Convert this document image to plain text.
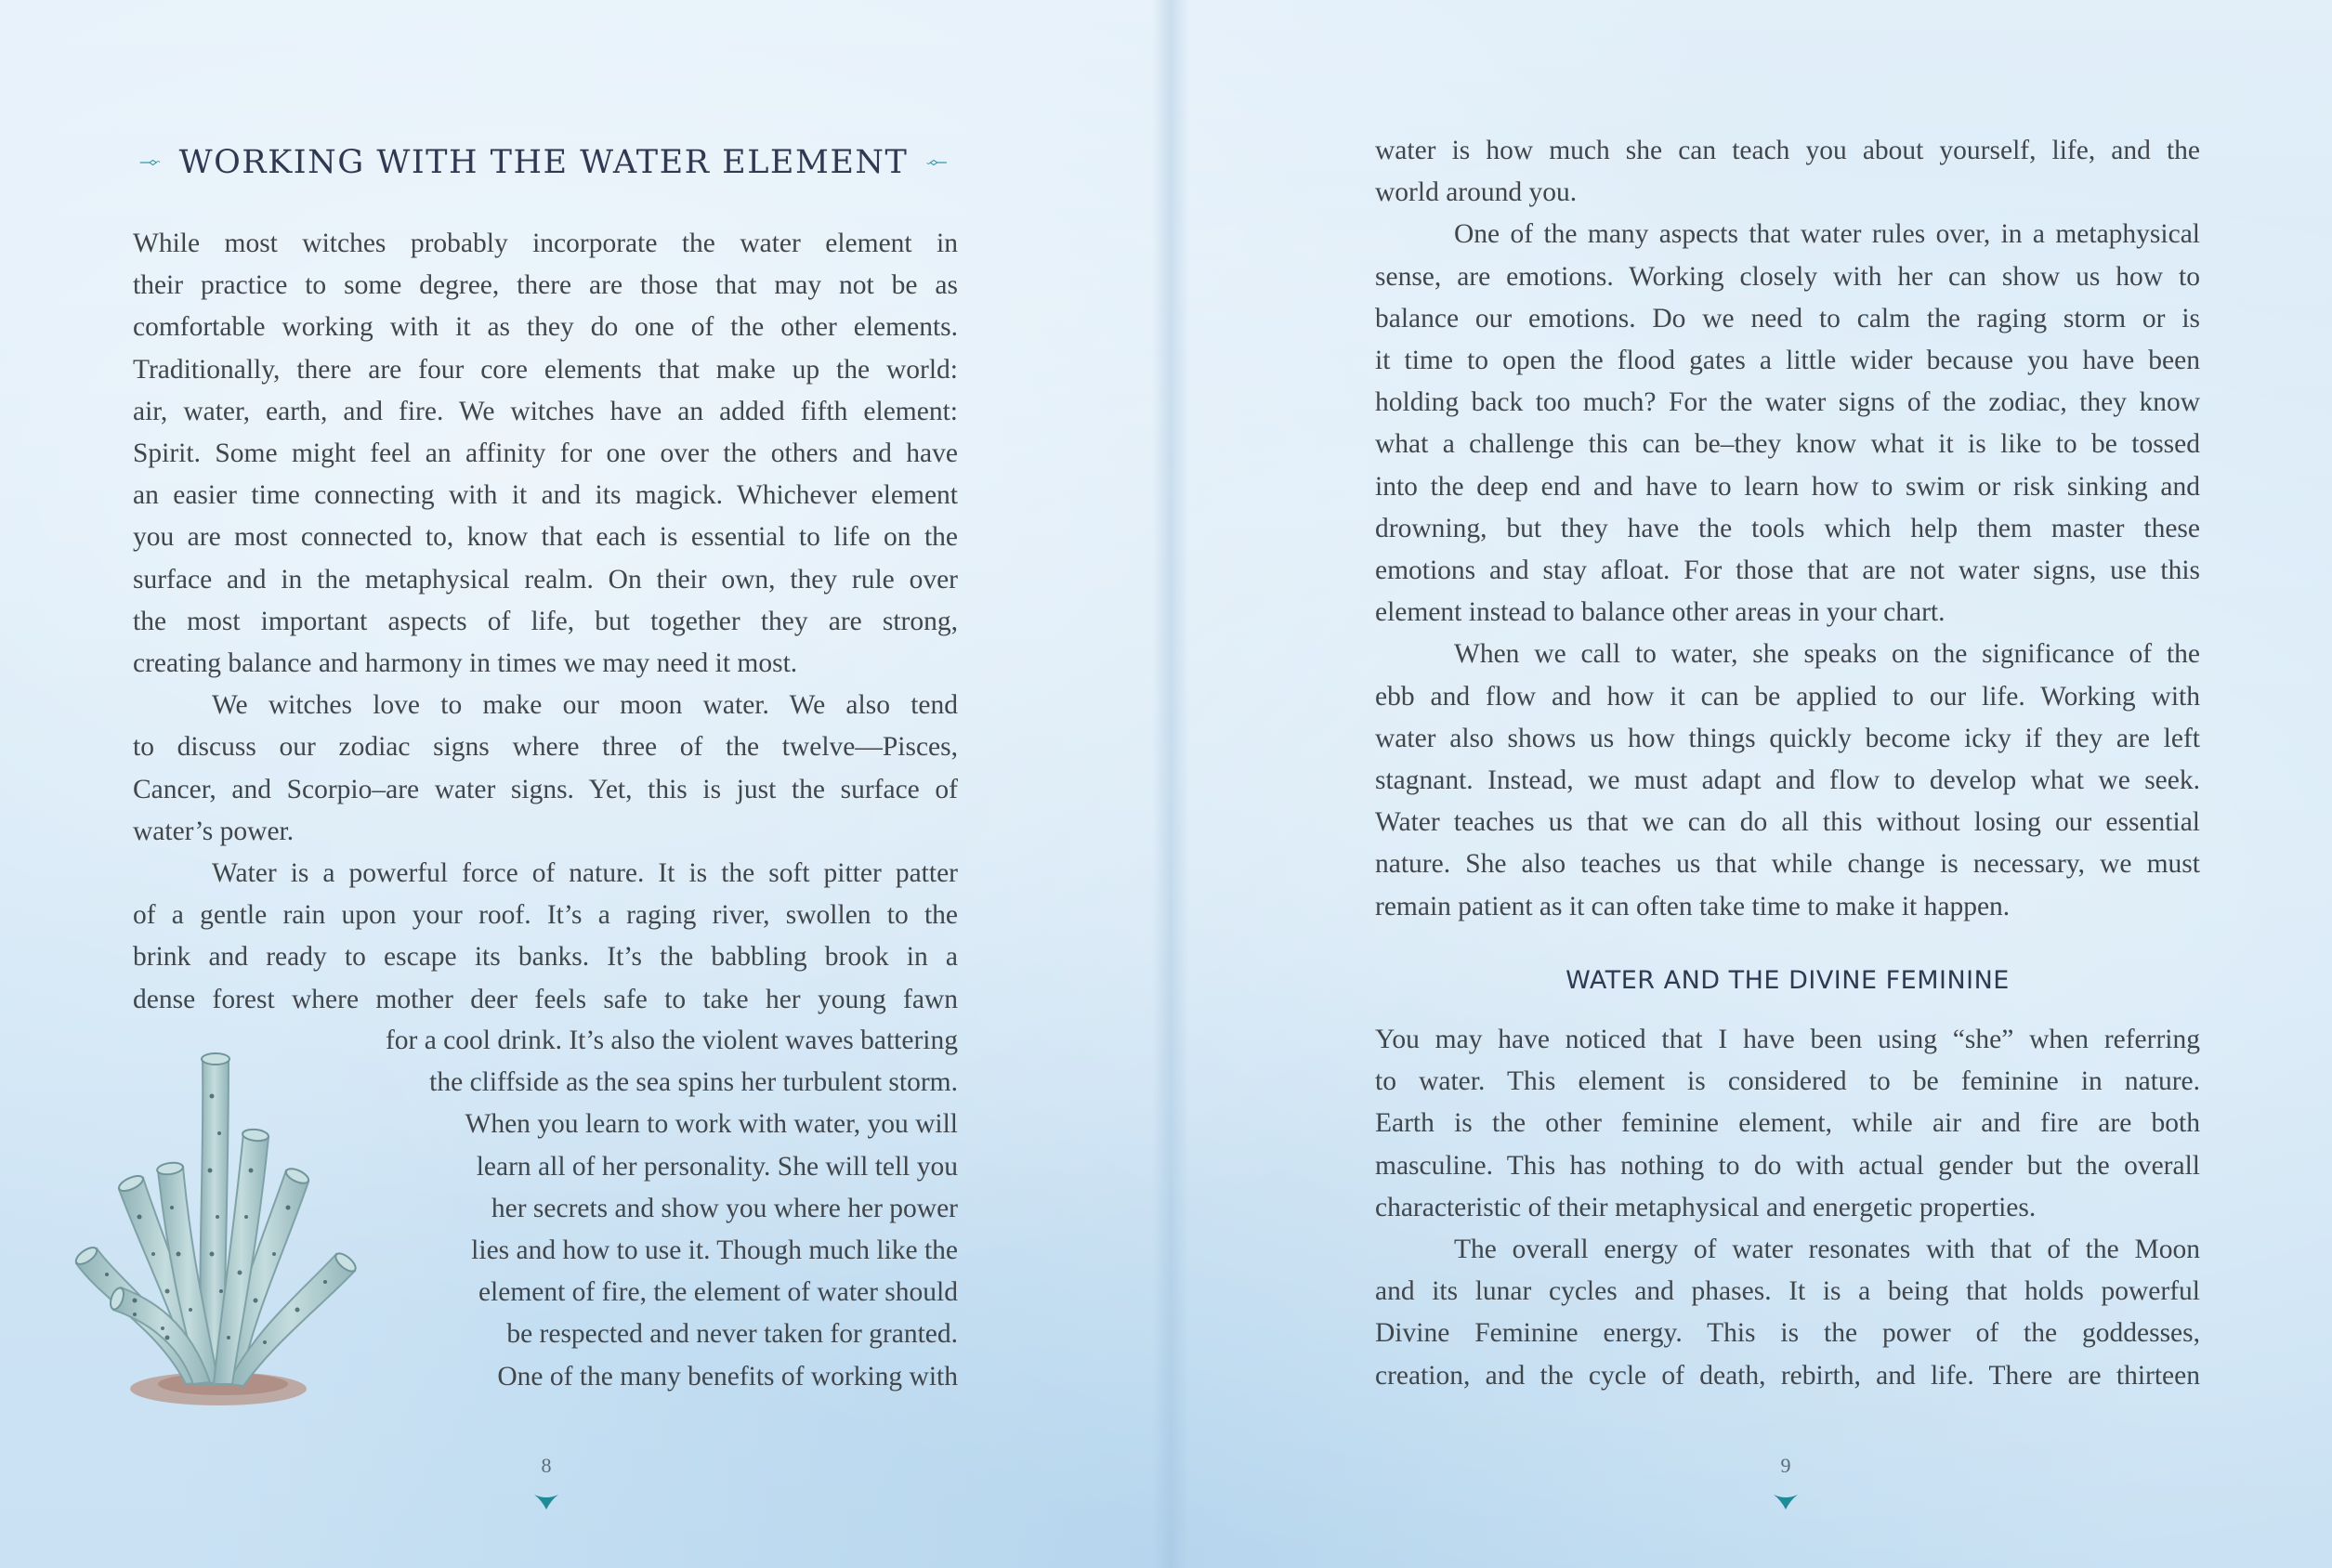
WORKING WITH THE WATER ELEMENT

While most witches probably incorporate the water element in

their practice to some degree, there are those that may not be as

comfortable working with it as they do one of the other elements.

Traditionally, there are four core elements that make up the world:

air, water, earth, and fire. We witches have an added fifth element:

Spirit. Some might feel an affinity for one over the others and have

an easier time connecting with it and its magick. Whichever element

you are most connected to, know that each is essential to life on the

surface and in the metaphysical realm. On their own, they rule over

the most important aspects of life, but together they are strong,

creating balance and harmony in times we may need it most.

We witches love to make our moon water. We also tend

to discuss our zodiac signs where three of the twelve—Pisces,

Cancer, and Scorpio–are water signs. Yet, this is just the surface of

water’s power.

Water is a powerful force of nature. It is the soft pitter patter

of a gentle rain upon your roof. It’s a raging river, swollen to the

brink and ready to escape its banks. It’s the babbling brook in a

dense forest where mother deer feels safe to take her young fawn

for a cool drink. It’s also the violent waves battering

the cliffside as the sea spins her turbulent storm.

When you learn to work with water, you will

learn all of her personality. She will tell you

her secrets and show you where her power

lies and how to use it. Though much like the

element of fire, the element of water should

be respected and never taken for granted.

One of the many benefits of working with

8

water is how much she can teach you about yourself, life, and the

world around you.

One of the many aspects that water rules over, in a metaphysical

sense, are emotions. Working closely with her can show us how to

balance our emotions. Do we need to calm the raging storm or is

it time to open the flood gates a little wider because you have been

holding back too much? For the water signs of the zodiac, they know

what a challenge this can be–they know what it is like to be tossed

into the deep end and have to learn how to swim or risk sinking and

drowning, but they have the tools which help them master these

emotions and stay afloat. For those that are not water signs, use this

element instead to balance other areas in your chart.

When we call to water, she speaks on the significance of the

ebb and flow and how it can be applied to our life. Working with

water also shows us how things quickly become icky if they are left

stagnant. Instead, we must adapt and flow to develop what we seek.

Water teaches us that we can do all this without losing our essential

nature. She also teaches us that while change is necessary, we must

remain patient as it can often take time to make it happen.

WATER AND THE DIVINE FEMININE

You may have noticed that I have been using “she” when referring

to water. This element is considered to be feminine in nature.

Earth is the other feminine element, while air and fire are both

masculine. This has nothing to do with actual gender but the overall

characteristic of their metaphysical and energetic properties.

The overall energy of water resonates with that of the Moon

and its lunar cycles and phases. It is a being that holds powerful

Divine Feminine energy. This is the power of the goddesses,

creation, and the cycle of death, rebirth, and life. There are thirteen

9
